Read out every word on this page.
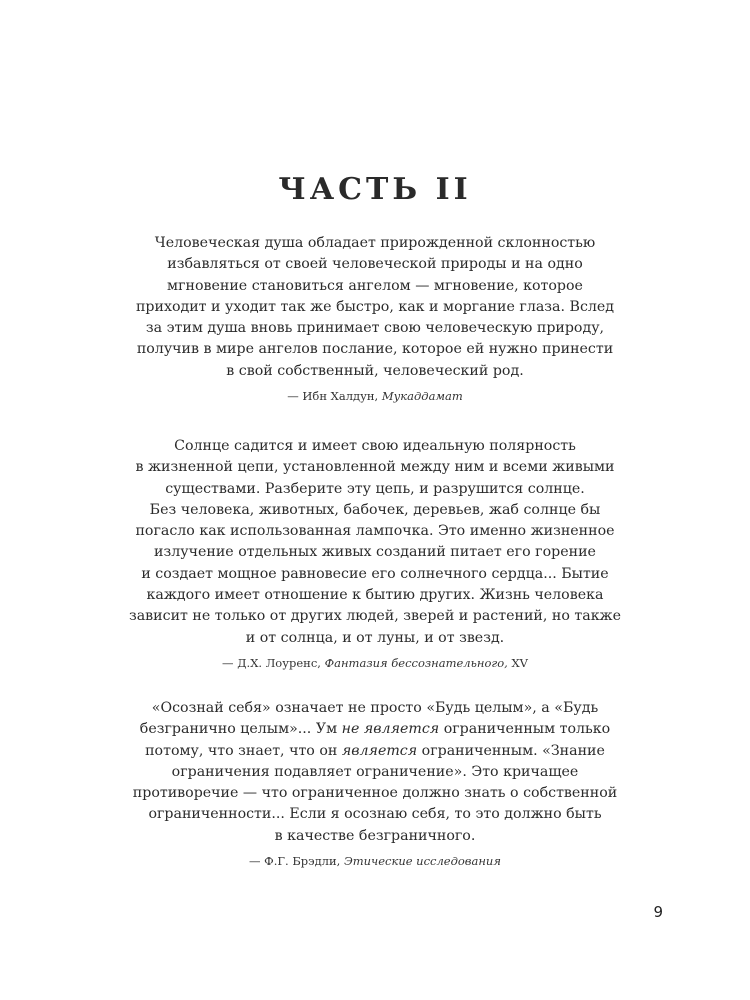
ЧАСТЬ II
Человеческая душа обладает прирожденной склонностью
избавляться от своей человеческой природы и на одно
мгновение становиться ангелом — мгновение, которое
приходит и уходит так же быстро, как и моргание глаза. Вслед
за этим душа вновь принимает свою человеческую природу,
получив в мире ангелов послание, которое ей нужно принести
в свой собственный, человеческий род.
— Ибн Халдун, Мукаддамат
Солнце садится и имеет свою идеальную полярность
в жизненной цепи, установленной между ним и всеми живыми
существами. Разберите эту цепь, и разрушится солнце.
Без человека, животных, бабочек, деревьев, жаб солнце бы
погасло как использованная лампочка. Это именно жизненное
излучение отдельных живых созданий питает его горение
и создает мощное равновесие его солнечного сердца... Бытие
каждого имеет отношение к бытию других. Жизнь человека
зависит не только от других людей, зверей и растений, но также
и от солнца, и от луны, и от звезд.
— Д.Х. Лоуренс, Фантазия бессознательного, XV
«Осознай себя» означает не просто «Будь целым», а «Будь
безгранично целым»... Ум не является ограниченным только
потому, что знает, что он является ограниченным. «Знание
ограничения подавляет ограничение». Это кричащее
противоречие — что ограниченное должно знать о собственной
ограниченности... Если я осознаю себя, то это должно быть
в качестве безграничного.
— Ф.Г. Брэдли, Этические исследования
9
